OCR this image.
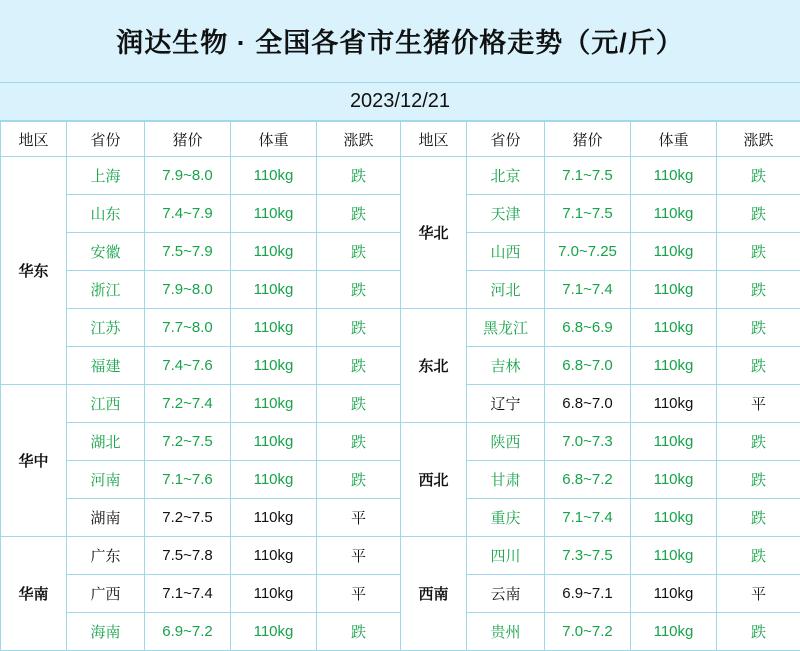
润达生物 · 全国各省市生猪价格走势（元/斤）
2023/12/21
地区	省份	猪价	体重	涨跌	地区	省份	猪价	体重	涨跌
华东	上海	7.9~8.0	110kg	跌	华北	北京	7.1~7.5	110kg	跌
	山东	7.4~7.9	110kg	跌		天津	7.1~7.5	110kg	跌
	安徽	7.5~7.9	110kg	跌		山西	7.0~7.25	110kg	跌
	浙江	7.9~8.0	110kg	跌		河北	7.1~7.4	110kg	跌
	江苏	7.7~8.0	110kg	跌	东北	黑龙江	6.8~6.9	110kg	跌
	福建	7.4~7.6	110kg	跌		吉林	6.8~7.0	110kg	跌
华中	江西	7.2~7.4	110kg	跌		辽宁	6.8~7.0	110kg	平
	湖北	7.2~7.5	110kg	跌	西北	陕西	7.0~7.3	110kg	跌
	河南	7.1~7.6	110kg	跌		甘肃	6.8~7.2	110kg	跌
	湖南	7.2~7.5	110kg	平		重庆	7.1~7.4	110kg	跌
华南	广东	7.5~7.8	110kg	平	西南	四川	7.3~7.5	110kg	跌
	广西	7.1~7.4	110kg	平		云南	6.9~7.1	110kg	平
	海南	6.9~7.2	110kg	跌		贵州	7.0~7.2	110kg	跌
